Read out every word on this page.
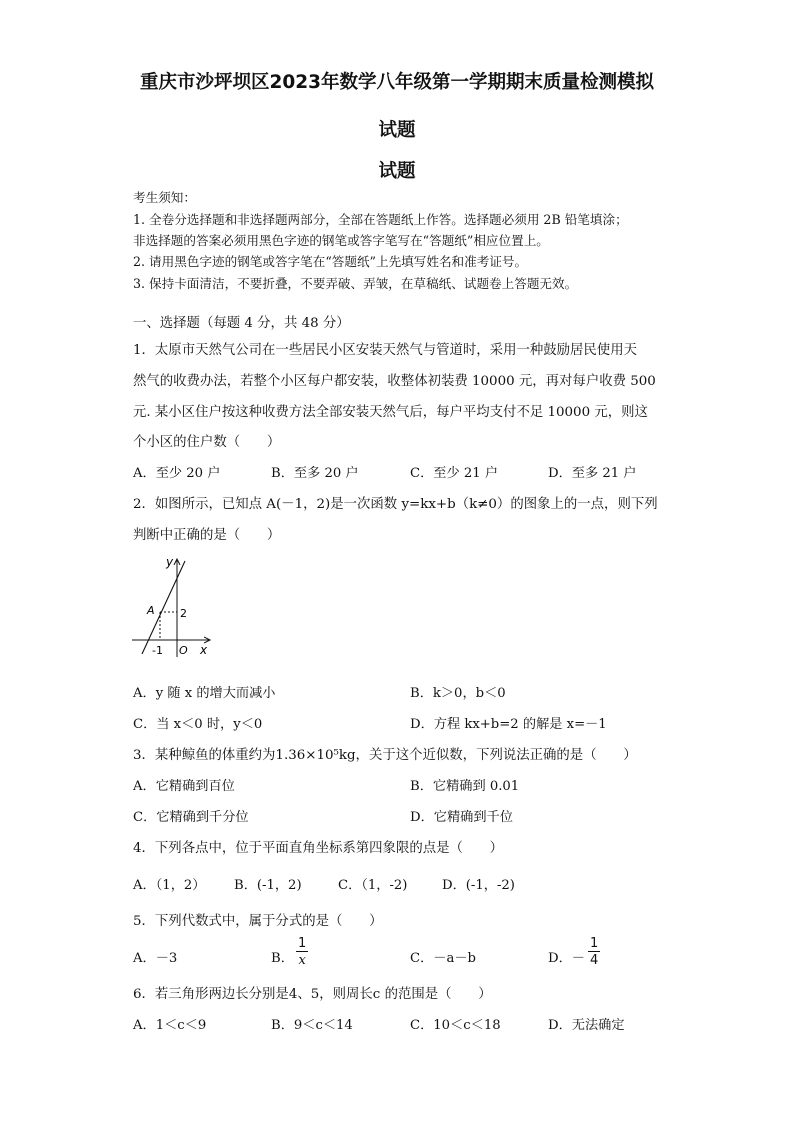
重庆市沙坪坝区2023年数学八年级第一学期期末质量检测模拟
试题
试题
考生须知：
1. 全卷分选择题和非选择题两部分，全部在答题纸上作答。选择题必须用 2B 铅笔填涂；
非选择题的答案必须用黑色字迹的钢笔或答字笔写在“答题纸”相应位置上。
2. 请用黑色字迹的钢笔或答字笔在“答题纸”上先填写姓名和准考证号。
3. 保持卡面清洁，不要折叠，不要弄破、弄皱，在草稿纸、试题卷上答题无效。
一、选择题（每题 4 分，共 48 分）
1．太原市天然气公司在一些居民小区安装天然气与管道时，采用一种鼓励居民使用天
然气的收费办法，若整个小区每户都安装，收整体初装费 10000 元，再对每户收费 500
元. 某小区住户按这种收费方法全部安装天然气后，每户平均支付不足 10000 元，则这
个小区的住户数（　　）
A．至少 20 户	B．至多 20 户	C．至少 21 户	D．至多 21 户
2．如图所示，已知点 A(－1，2)是一次函数 y=kx+b（k≠0）的图象上的一点，则下列
判断中正确的是（　　）
y
x
O
A
-1
2
A．y 随 x 的增大而减小	B．k＞0，b＜0
C．当 x＜0 时，y＜0	D．方程 kx+b=2 的解是 x=－1
3．某种鲸鱼的体重约为1.36×10⁵kg，关于这个近似数，下列说法正确的是（　　）
A．它精确到百位	B．它精确到 0.01
C．它精确到千分位	D．它精确到千位
4．下列各点中，位于平面直角坐标系第四象限的点是（　　）
A．（1，2） B．(-1，2)	C．（1，-2)	D．(-1，-2)
5．下列代数式中，属于分式的是（　　）
A．－3	B． $\frac{1}{x}$	C．－a－b	D．－ $\frac{1}{4}$
6．若三角形两边长分别是4、5，则周长c 的范围是（　　）
A．1＜c＜9	B．9＜c＜14	C．10＜c＜18	D．无法确定
